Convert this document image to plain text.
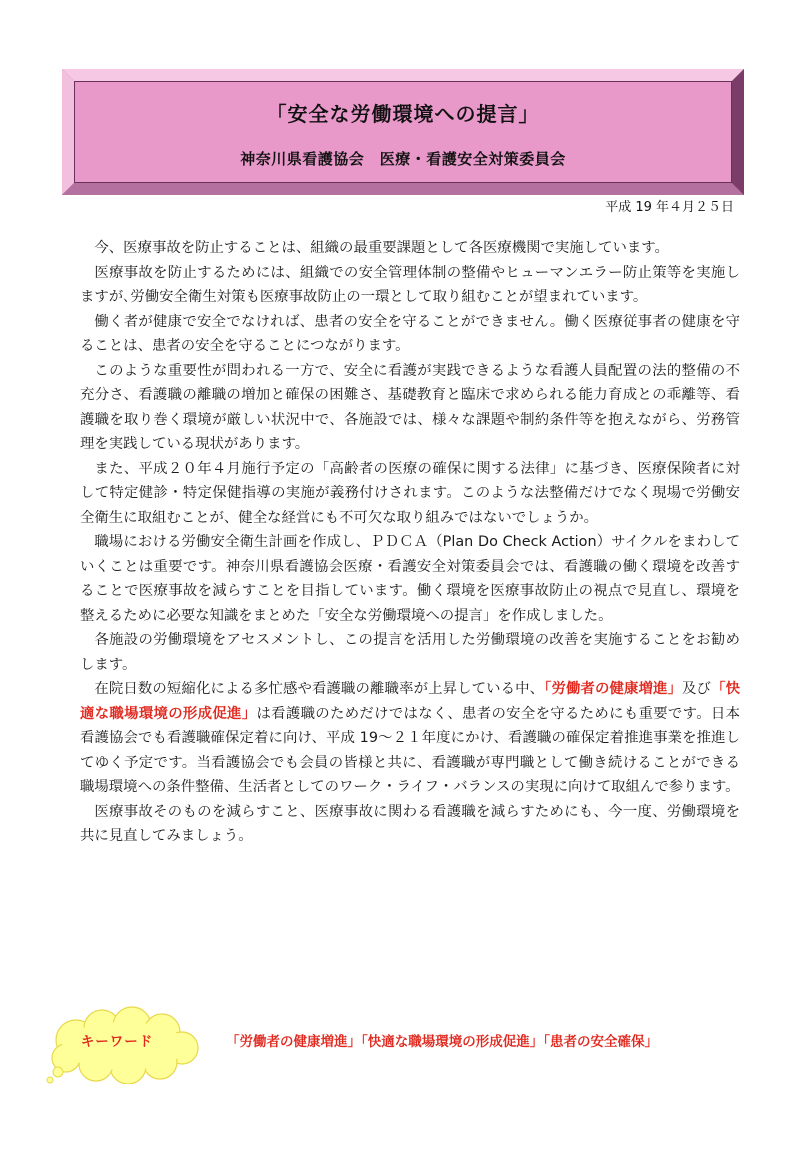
「安全な労働環境への提言」
神奈川県看護協会　医療・看護安全対策委員会
平成 19 年４月２５日

今、医療事故を防止することは、組織の最重要課題として各医療機関で実施しています。

医療事故を防止するためには、組織での安全管理体制の整備やヒューマンエラー防止策等を実施しますが､労働安全衛生対策も医療事故防止の一環として取り組むことが望まれています。

働く者が健康で安全でなければ、患者の安全を守ることができません。働く医療従事者の健康を守ることは、患者の安全を守ることにつながります。

このような重要性が問われる一方で、安全に看護が実践できるような看護人員配置の法的整備の不充分さ、看護職の離職の増加と確保の困難さ、基礎教育と臨床で求められる能力育成との乖離等、看護職を取り巻く環境が厳しい状況中で、各施設では、様々な課題や制約条件等を抱えながら、労務管理を実践している現状があります。

また、平成２０年４月施行予定の「高齢者の医療の確保に関する法律」に基づき、医療保険者に対して特定健診・特定保健指導の実施が義務付けされます。このような法整備だけでなく現場で労働安全衛生に取組むことが、健全な経営にも不可欠な取り組みではないでしょうか。

職場における労働安全衛生計画を作成し、ＰＤＣＡ（Plan Do Check Action）サイクルをまわしていくことは重要です。神奈川県看護協会医療・看護安全対策委員会では、看護職の働く環境を改善することで医療事故を減らすことを目指しています。働く環境を医療事故防止の視点で見直し、環境を整えるために必要な知識をまとめた「安全な労働環境への提言」を作成しました。

各施設の労働環境をアセスメントし、この提言を活用した労働環境の改善を実施することをお勧めします。

在院日数の短縮化による多忙感や看護職の離職率が上昇している中、「労働者の健康増進」及び「快適な職場環境の形成促進」は看護職のためだけではなく、患者の安全を守るためにも重要です。日本看護協会でも看護職確保定着に向け、平成 19～２１年度にかけ、看護職の確保定着推進事業を推進してゆく予定です。当看護協会でも会員の皆様と共に、看護職が専門職として働き続けることができる職場環境への条件整備、生活者としてのワーク・ライフ・バランスの実現に向けて取組んで参ります。

医療事故そのものを減らすこと、医療事故に関わる看護職を減らすためにも、今一度、労働環境を共に見直してみましょう。

キーワード	「労働者の健康増進」「快適な職場環境の形成促進」「患者の安全確保」
